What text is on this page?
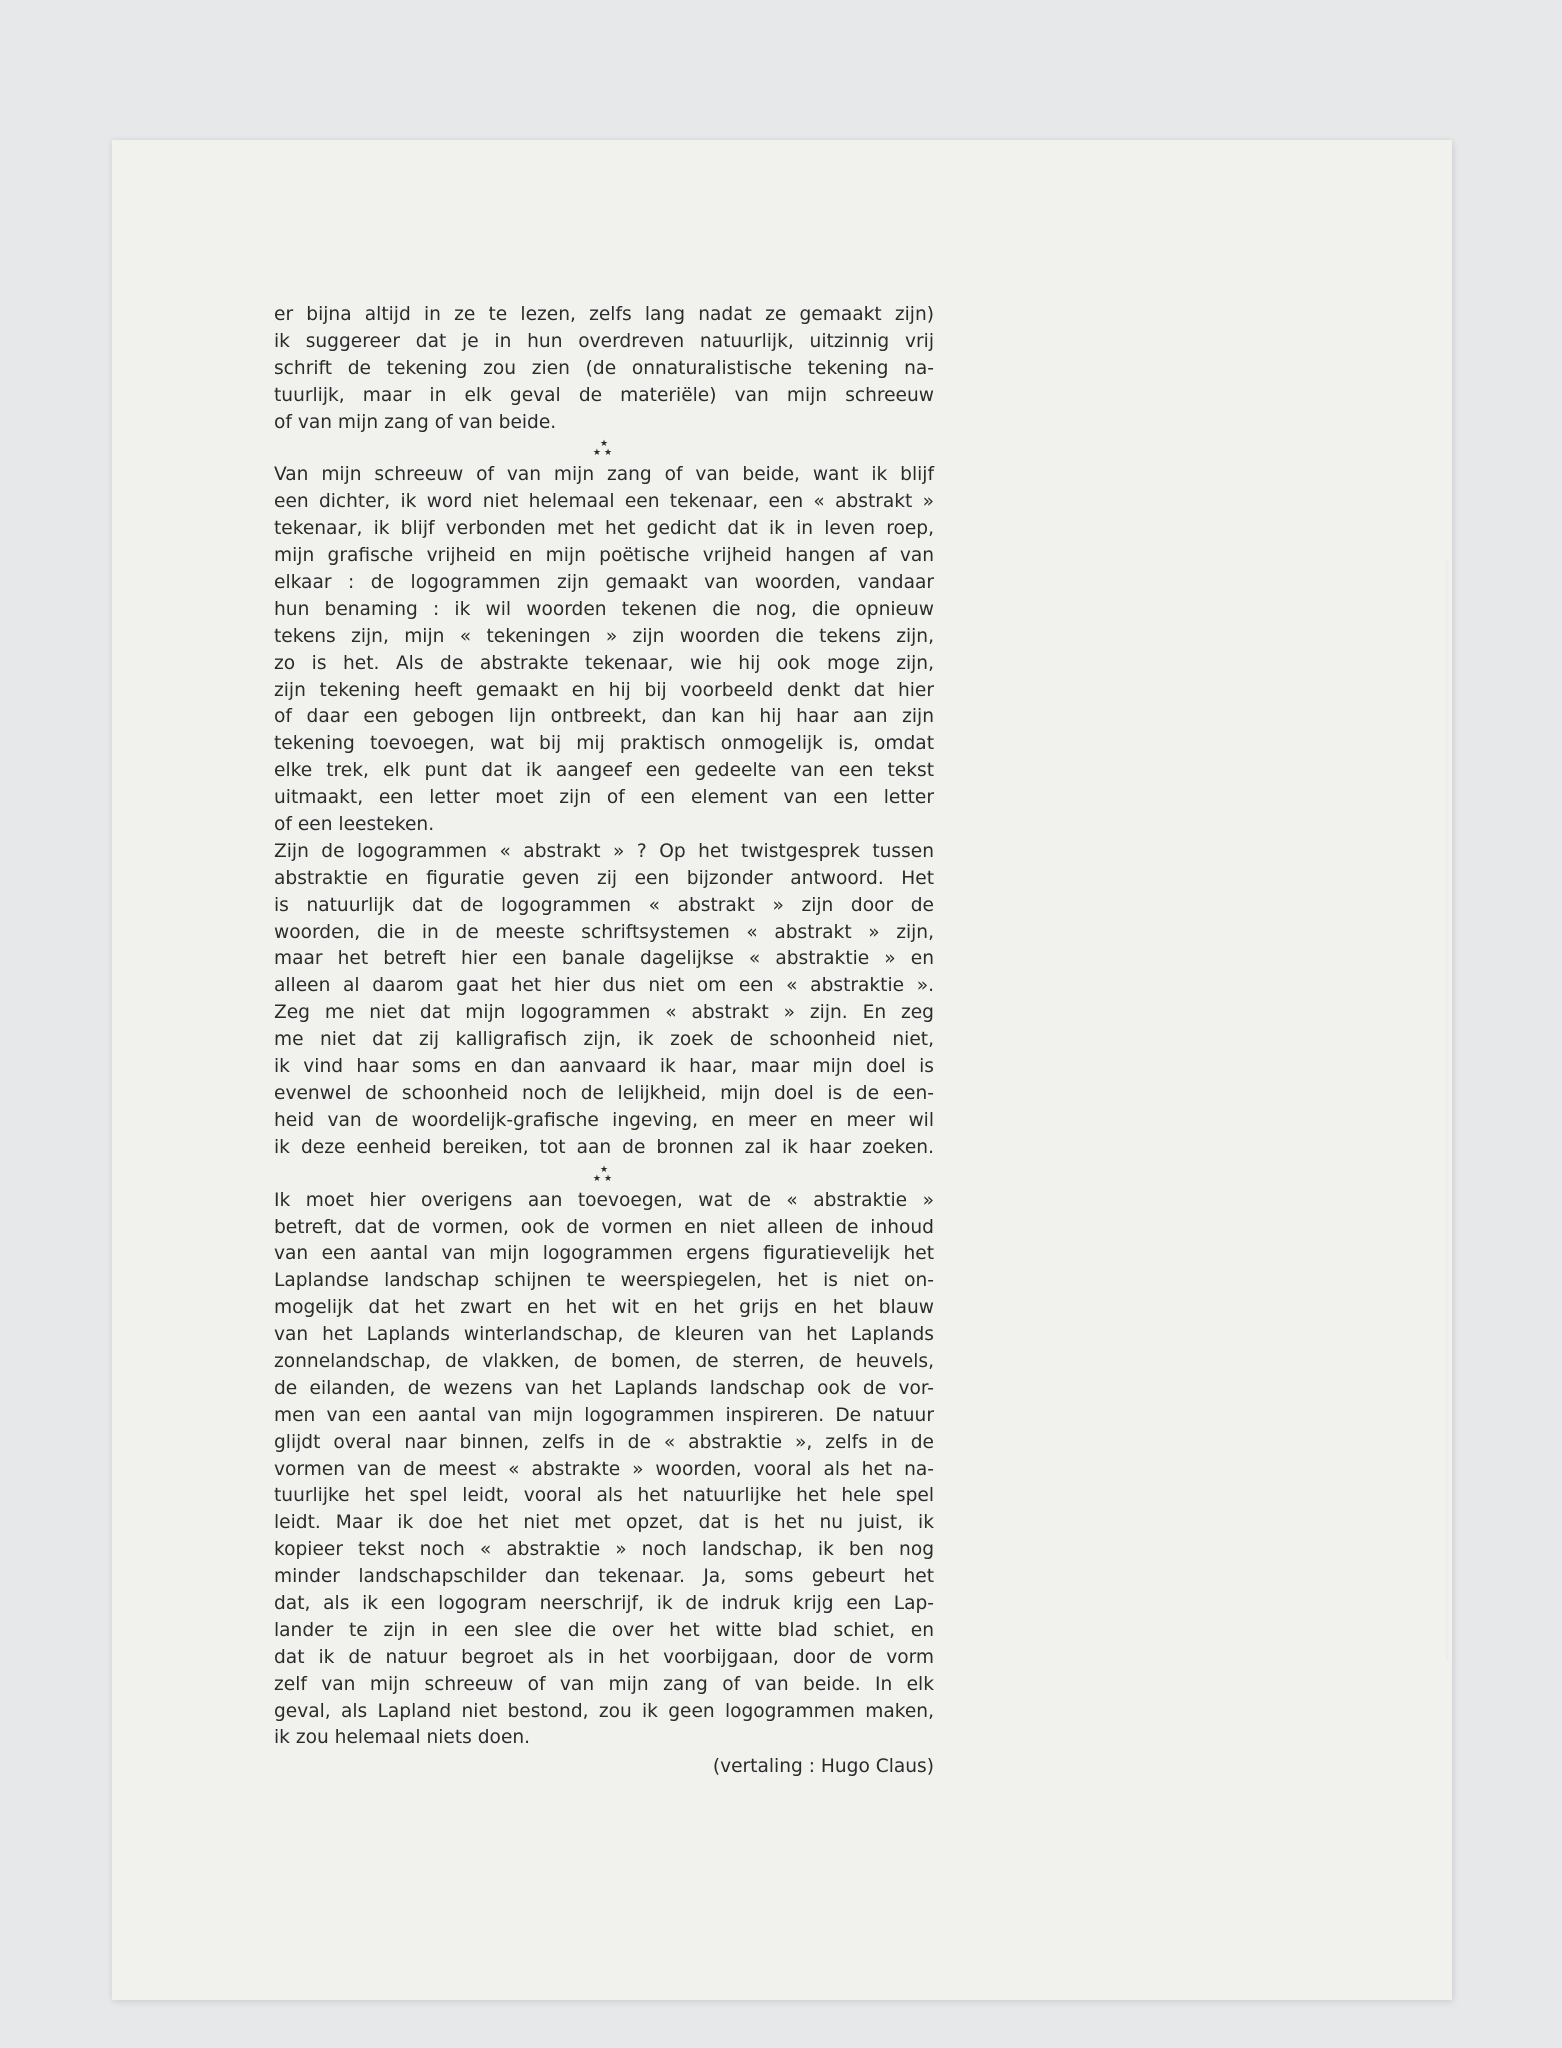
er bijna altijd in ze te lezen, zelfs lang nadat ze gemaakt zijn)
ik suggereer dat je in hun overdreven natuurlijk, uitzinnig vrij
schrift de tekening zou zien (de onnaturalistische tekening na-
tuurlijk, maar in elk geval de materiële) van mijn schreeuw
of van mijn zang of van beide.
★
★★
Van mijn schreeuw of van mijn zang of van beide, want ik blijf
een dichter, ik word niet helemaal een tekenaar, een « abstrakt »
tekenaar, ik blijf verbonden met het gedicht dat ik in leven roep,
mijn grafische vrijheid en mijn poëtische vrijheid hangen af van
elkaar : de logogrammen zijn gemaakt van woorden, vandaar
hun benaming : ik wil woorden tekenen die nog, die opnieuw
tekens zijn, mijn « tekeningen » zijn woorden die tekens zijn,
zo is het. Als de abstrakte tekenaar, wie hij ook moge zijn,
zijn tekening heeft gemaakt en hij bij voorbeeld denkt dat hier
of daar een gebogen lijn ontbreekt, dan kan hij haar aan zijn
tekening toevoegen, wat bij mij praktisch onmogelijk is, omdat
elke trek, elk punt dat ik aangeef een gedeelte van een tekst
uitmaakt, een letter moet zijn of een element van een letter
of een leesteken.
Zijn de logogrammen « abstrakt » ? Op het twistgesprek tussen
abstraktie en figuratie geven zij een bijzonder antwoord. Het
is natuurlijk dat de logogrammen « abstrakt » zijn door de
woorden, die in de meeste schriftsystemen « abstrakt » zijn,
maar het betreft hier een banale dagelijkse « abstraktie » en
alleen al daarom gaat het hier dus niet om een « abstraktie ».
Zeg me niet dat mijn logogrammen « abstrakt » zijn. En zeg
me niet dat zij kalligrafisch zijn, ik zoek de schoonheid niet,
ik vind haar soms en dan aanvaard ik haar, maar mijn doel is
evenwel de schoonheid noch de lelijkheid, mijn doel is de een-
heid van de woordelijk-grafische ingeving, en meer en meer wil
ik deze eenheid bereiken, tot aan de bronnen zal ik haar zoeken.
★
★★
Ik moet hier overigens aan toevoegen, wat de « abstraktie »
betreft, dat de vormen, ook de vormen en niet alleen de inhoud
van een aantal van mijn logogrammen ergens figuratievelijk het
Laplandse landschap schijnen te weerspiegelen, het is niet on-
mogelijk dat het zwart en het wit en het grijs en het blauw
van het Laplands winterlandschap, de kleuren van het Laplands
zonnelandschap, de vlakken, de bomen, de sterren, de heuvels,
de eilanden, de wezens van het Laplands landschap ook de vor-
men van een aantal van mijn logogrammen inspireren. De natuur
glijdt overal naar binnen, zelfs in de « abstraktie », zelfs in de
vormen van de meest « abstrakte » woorden, vooral als het na-
tuurlijke het spel leidt, vooral als het natuurlijke het hele spel
leidt. Maar ik doe het niet met opzet, dat is het nu juist, ik
kopieer tekst noch « abstraktie » noch landschap, ik ben nog
minder landschapschilder dan tekenaar. Ja, soms gebeurt het
dat, als ik een logogram neerschrijf, ik de indruk krijg een Lap-
lander te zijn in een slee die over het witte blad schiet, en
dat ik de natuur begroet als in het voorbijgaan, door de vorm
zelf van mijn schreeuw of van mijn zang of van beide. In elk
geval, als Lapland niet bestond, zou ik geen logogrammen maken,
ik zou helemaal niets doen.
(vertaling : Hugo Claus)
